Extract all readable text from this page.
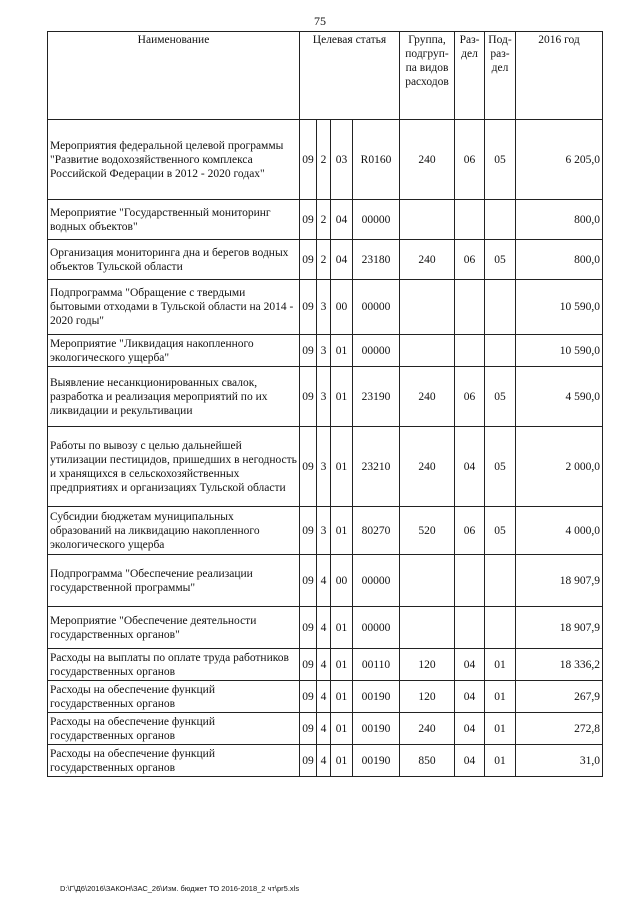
75
Наименование	Целевая статья				Группа, подгруп-па видов расходов	Раз-дел	Под-раз-дел	2016 год
Мероприятия федеральной целевой программы "Развитие водохозяйственного комплекса Российской Федерации в 2012 - 2020 годах"	09	2	03	R0160	240	06	05	6 205,0
Мероприятие "Государственный мониторинг водных объектов"	09	2	04	00000				800,0
Организация мониторинга дна и берегов водных объектов Тульской области	09	2	04	23180	240	06	05	800,0
Подпрограмма "Обращение с твердыми бытовыми отходами в Тульской области на 2014 - 2020 годы"	09	3	00	00000				10 590,0
Мероприятие "Ликвидация накопленного экологического ущерба"	09	3	01	00000				10 590,0
Выявление несанкционированных свалок, разработка и реализация мероприятий по их ликвидации и рекультивации	09	3	01	23190	240	06	05	4 590,0
Работы по вывозу с целью дальнейшей утилизации пестицидов, пришедших в негодность и хранящихся в сельскохозяйственных предприятиях и организациях Тульской области	09	3	01	23210	240	04	05	2 000,0
Субсидии бюджетам муниципальных образований на ликвидацию накопленного экологического ущерба	09	3	01	80270	520	06	05	4 000,0
Подпрограмма "Обеспечение реализации государственной программы"	09	4	00	00000				18 907,9
Мероприятие "Обеспечение деятельности государственных органов"	09	4	01	00000				18 907,9
Расходы на выплаты по оплате труда работников государственных органов	09	4	01	00110	120	04	01	18 336,2
Расходы на обеспечение функций государственных органов	09	4	01	00190	120	04	01	267,9
Расходы на обеспечение функций государственных органов	09	4	01	00190	240	04	01	272,8
Расходы на обеспечение функций государственных органов	09	4	01	00190	850	04	01	31,0
D:\Г\Д6\2016\ЗАКОН\ЗАС_26\Изм. бюджет ТО 2016-2018_2 чт\pr5.xls
